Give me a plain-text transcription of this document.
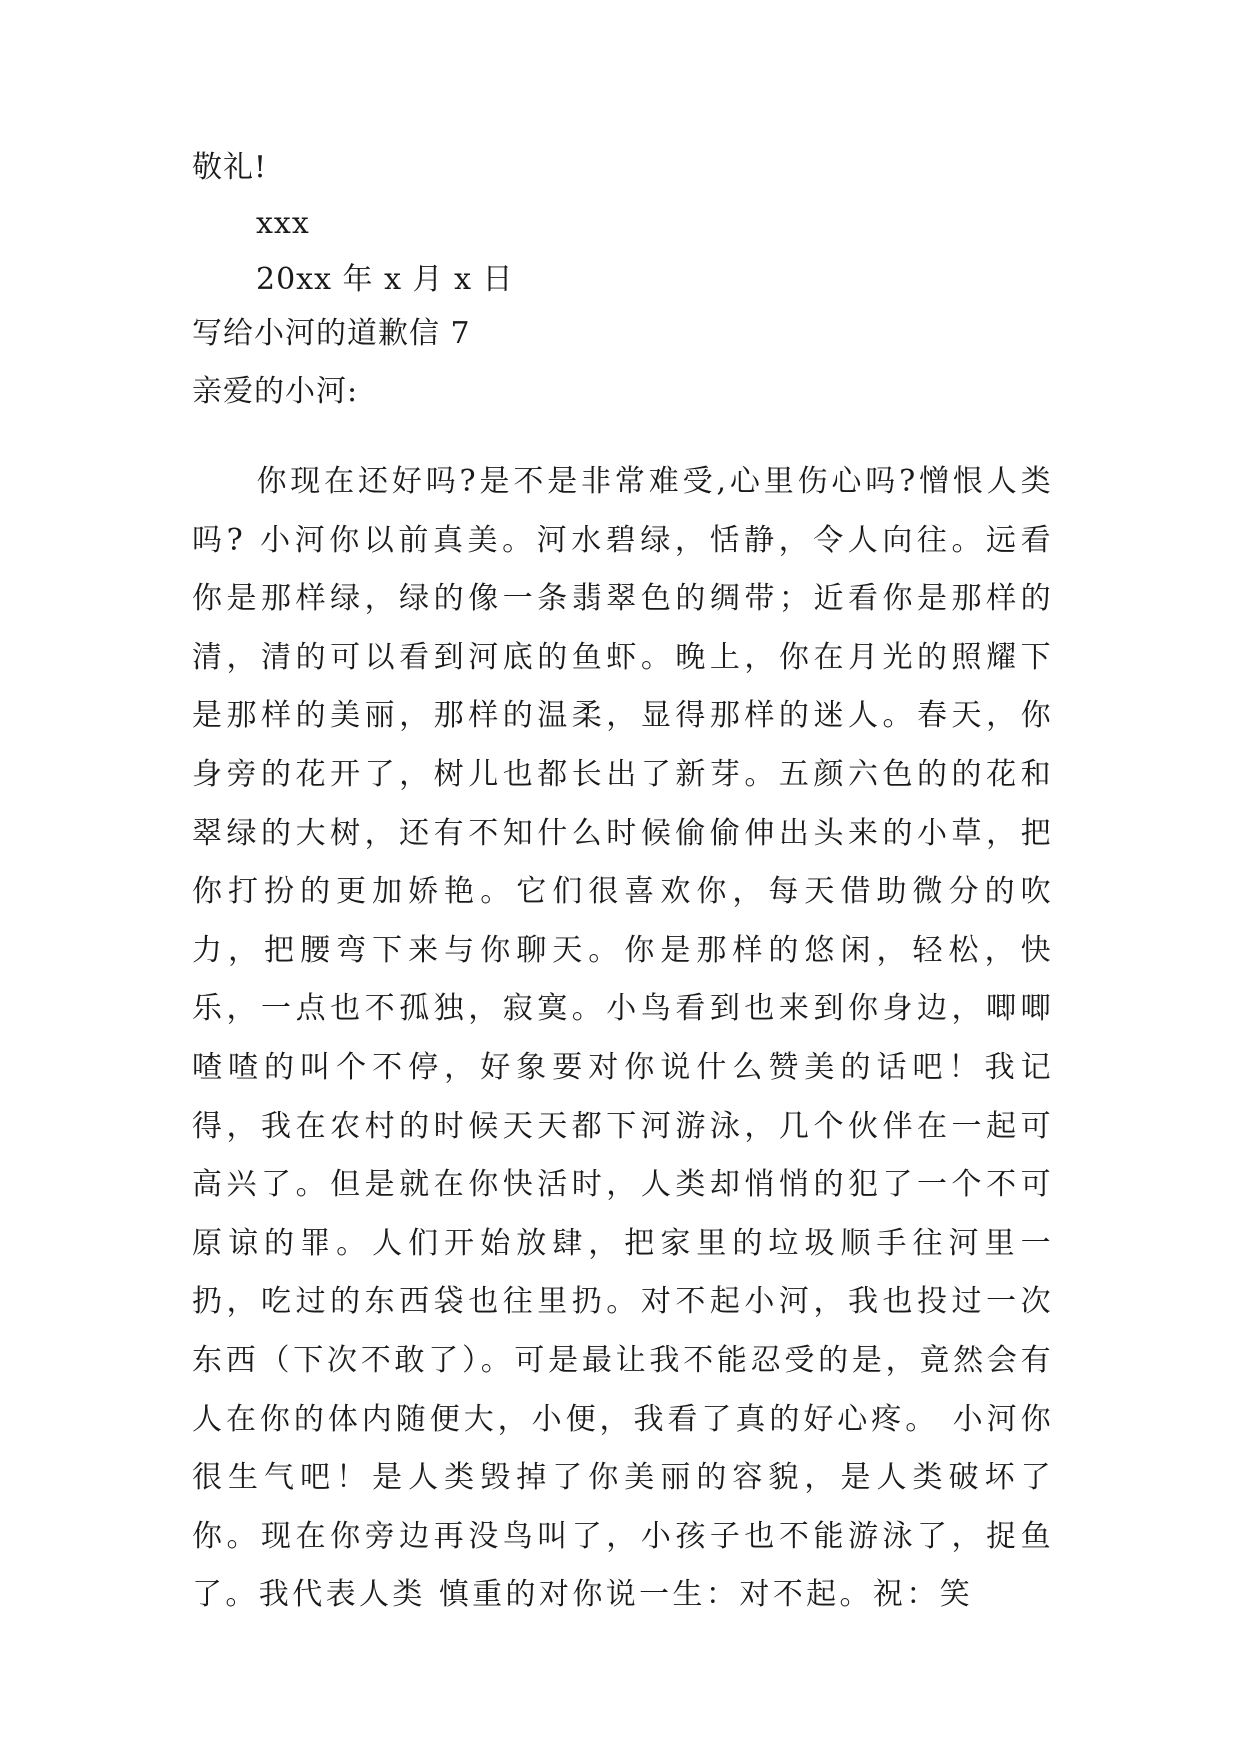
敬礼!
xxx
20xx 年 x 月 x 日
写给小河的道歉信 7
亲爱的小河:
你现在还好吗?是不是非常难受,心里伤心吗?憎恨人类吗? 小河你以前真美。河水碧绿，恬静，令人向往。远看你是那样绿，绿的像一条翡翠色的绸带；近看你是那样的清，清的可以看到河底的鱼虾。晚上，你在月光的照耀下是那样的美丽，那样的温柔，显得那样的迷人。春天，你身旁的花开了，树儿也都长出了新芽。五颜六色的的花和翠绿的大树，还有不知什么时候偷偷伸出头来的小草，把你打扮的更加娇艳。它们很喜欢你，每天借助微分的吹力，把腰弯下来与你聊天。你是那样的悠闲，轻松，快乐，一点也不孤独，寂寞。小鸟看到也来到你身边，唧唧喳喳的叫个不停，好象要对你说什么赞美的话吧！我记得，我在农村的时候天天都下河游泳，几个伙伴在一起可高兴了。但是就在你快活时，人类却悄悄的犯了一个不可原谅的罪。人们开始放肆，把家里的垃圾顺手往河里一扔，吃过的东西袋也往里扔。对不起小河，我也投过一次东西（下次不敢了）。可是最让我不能忍受的是，竟然会有人在你的体内随便大，小便，我看了真的好心疼。 小河你很生气吧！是人类毁掉了你美丽的容貌，是人类破坏了你。现在你旁边再没鸟叫了，小孩子也不能游泳了，捉鱼了。我代表人类 慎重的对你说一生：对不起。祝：笑
